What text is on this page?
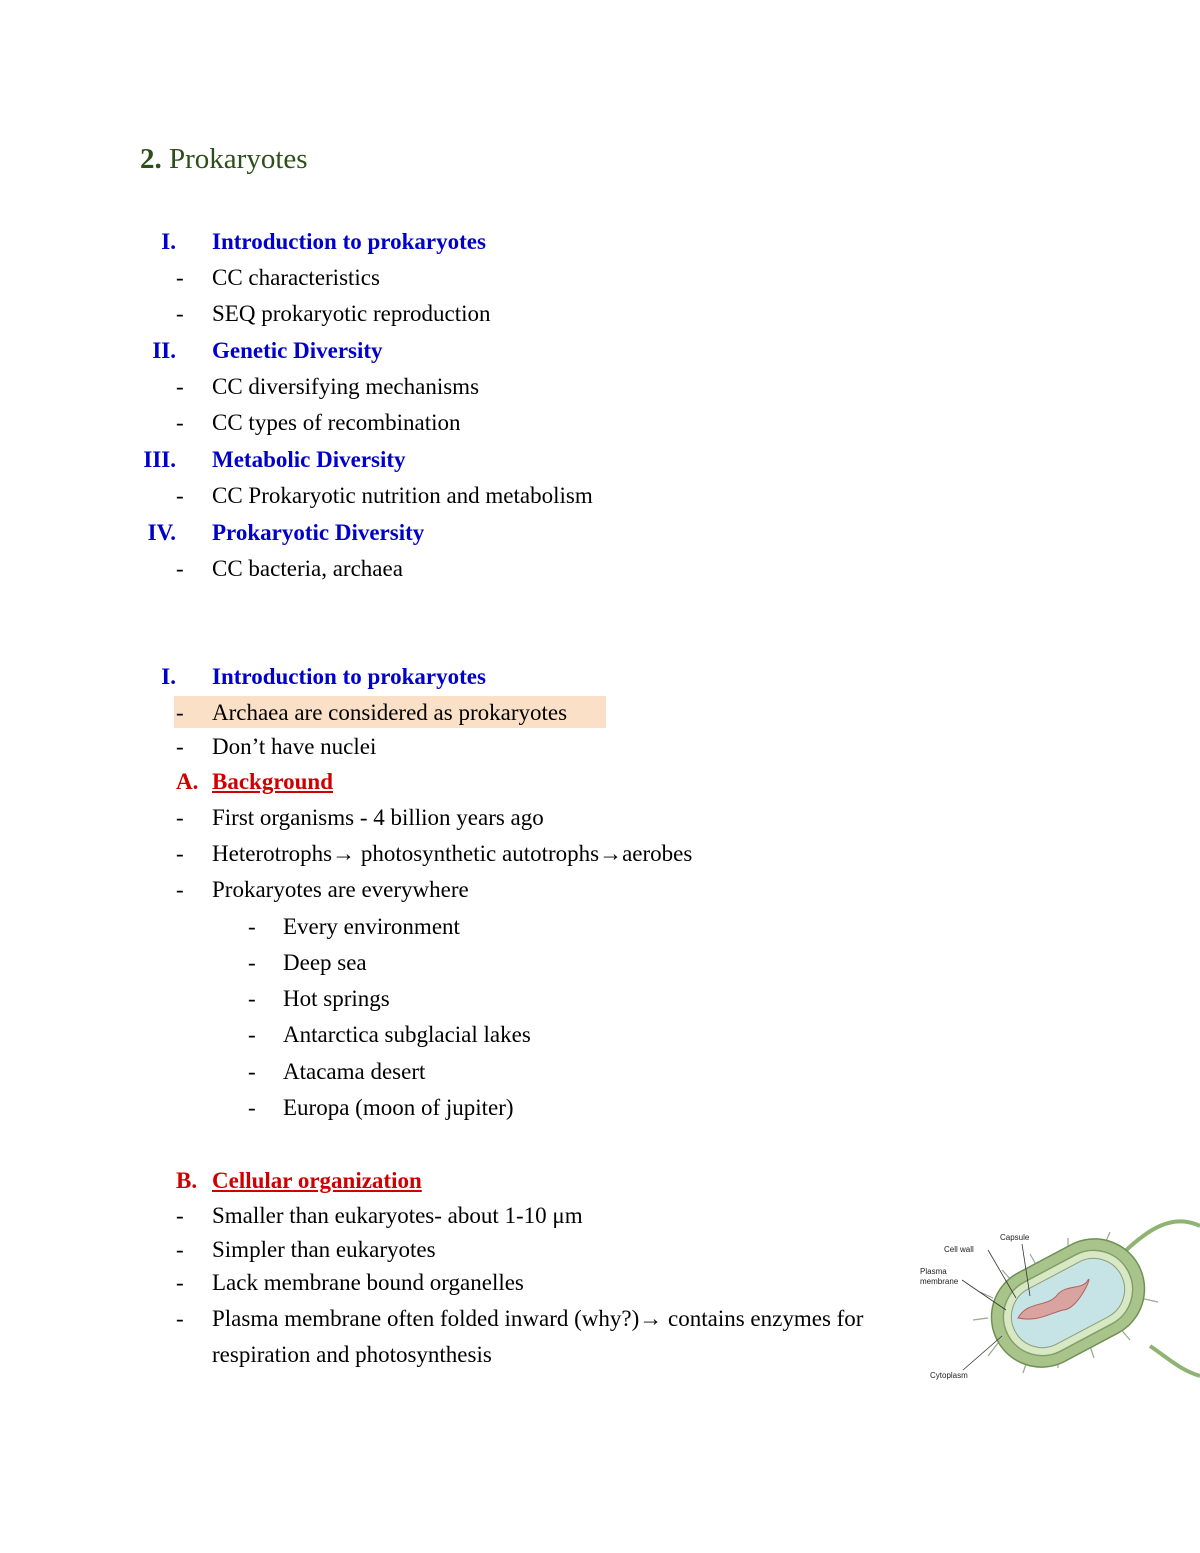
2. Prokaryotes
I. Introduction to prokaryotes
- CC characteristics
- SEQ prokaryotic reproduction
II. Genetic Diversity
- CC diversifying mechanisms
- CC types of recombination
III. Metabolic Diversity
- CC Prokaryotic nutrition and metabolism
IV. Prokaryotic Diversity
- CC bacteria, archaea
I. Introduction to prokaryotes
- Archaea are considered as prokaryotes
- Don’t have nuclei
A. Background
- First organisms - 4 billion years ago
- Heterotrophs→ photosynthetic autotrophs→aerobes
- Prokaryotes are everywhere
- Every environment
- Deep sea
- Hot springs
- Antarctica subglacial lakes
- Atacama desert
- Europa (moon of jupiter)
B. Cellular organization
- Smaller than eukaryotes- about 1-10 μm
- Simpler than eukaryotes
- Lack membrane bound organelles
- Plasma membrane often folded inward (why?)→ contains enzymes for
respiration and photosynthesis
Cell wall
Capsule
Plasma
membrane
Cytoplasm
